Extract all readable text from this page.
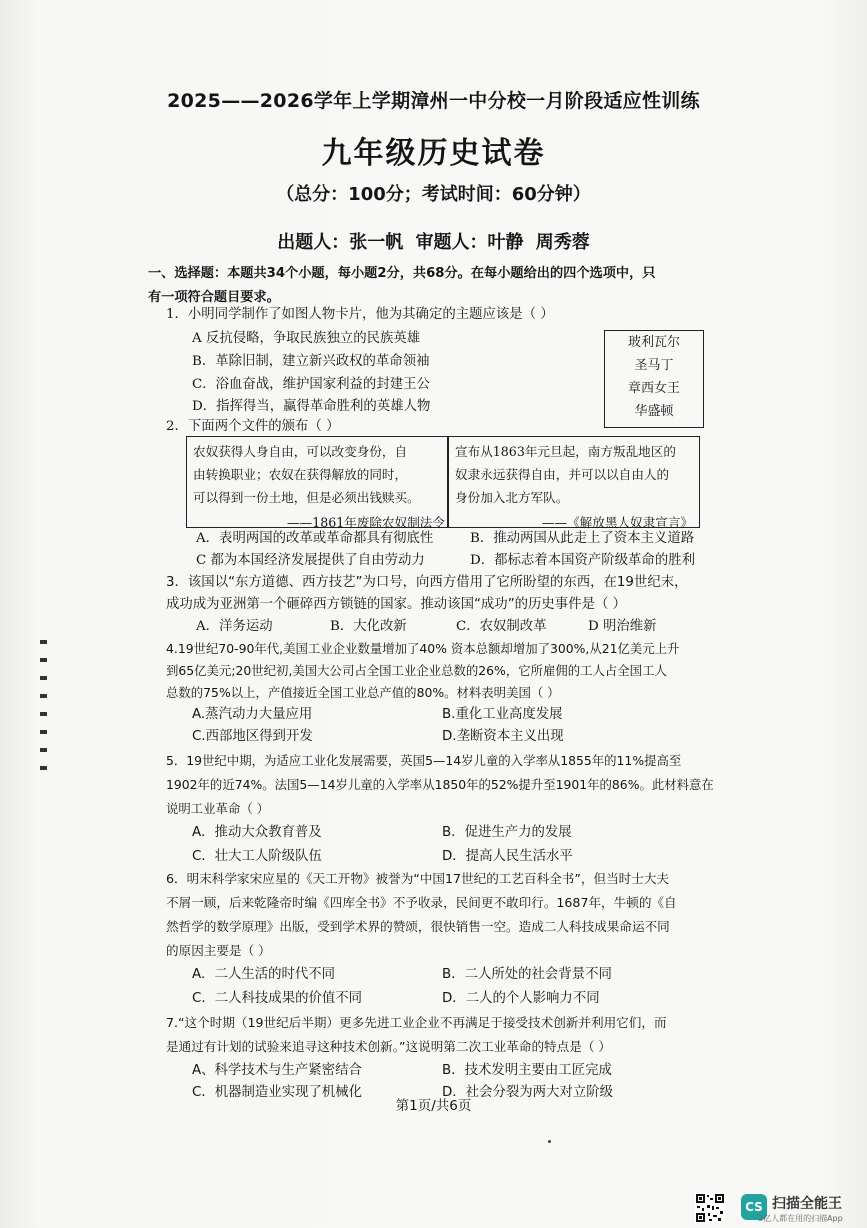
2025——2026学年上学期漳州一中分校一月阶段适应性训练
九年级历史试卷
（总分：100分；考试时间：60分钟）
出题人：张一帆 审题人：叶静 周秀蓉
一、选择题：本题共34个小题，每小题2分，共68分。在每小题给出的四个选项中，只
有一项符合题目要求。
1．小明同学制作了如图人物卡片，他为其确定的主题应该是（ ）
A 反抗侵略，争取民族独立的民族英雄
B．革除旧制，建立新兴政权的革命领袖
C．浴血奋战，维护国家利益的封建王公
D．指挥得当，赢得革命胜利的英雄人物
玻利瓦尔
圣马丁
章西女王
华盛顿
2．下面两个文件的颁布（ ）

农奴获得人身自由，可以改变身份，自

由转换职业；农奴在获得解放的同时，

可以得到一份土地，但是必须出钱赎买。

——1861年废除农奴制法令

宣布从1863年元旦起，南方叛乱地区的

奴隶永远获得自由，并可以以自由人的

身份加入北方军队。

——《解放黑人奴隶宣言》
A．表明两国的改革或革命都具有彻底性	B．推动两国从此走上了资本主义道路
C 都为本国经济发展提供了自由劳动力	D．都标志着本国资产阶级革命的胜利
3．该国以“东方道德、西方技艺”为口号，向西方借用了它所盼望的东西，在19世纪末，
成功成为亚洲第一个砸碎西方锁链的国家。推动该国“成功”的历史事件是（ ）
A．洋务运动	B．大化改新	C．农奴制改革	D 明治维新
4.19世纪70-90年代,美国工业企业数量增加了40% 资本总额却增加了300%,从21亿美元上升
到65亿美元;20世纪初,美国大公司占全国工业企业总数的26%，它所雇佣的工人占全国工人
总数的75%以上，产值接近全国工业总产值的80%。材料表明美国（ ）
A.蒸汽动力大量应用	B.重化工业高度发展
C.西部地区得到开发	D.垄断资本主义出现
5．19世纪中期，为适应工业化发展需要，英国5—14岁儿童的入学率从1855年的11%提高至
1902年的近74%。法国5—14岁儿童的入学率从1850年的52%提升至1901年的86%。此材料意在
说明工业革命（ ）
A．推动大众教育普及	B．促进生产力的发展
C．壮大工人阶级队伍	D．提高人民生活水平
6．明末科学家宋应星的《天工开物》被誉为“中国17世纪的工艺百科全书”，但当时士大夫
不屑一顾，后来乾隆帝时编《四库全书》不予收录，民间更不敢印行。1687年，牛顿的《自
然哲学的数学原理》出版，受到学术界的赞颂，很快销售一空。造成二人科技成果命运不同
的原因主要是（ ）
A．二人生活的时代不同	B．二人所处的社会背景不同
C．二人科技成果的价值不同	D．二人的个人影响力不同
7.“这个时期（19世纪后半期）更多先进工业企业不再满足于接受技术创新并利用它们，而
是通过有计划的试验来追寻这种技术创新。”这说明第二次工业革命的特点是（ ）
A、科学技术与生产紧密结合	B．技术发明主要由工匠完成
C．机器制造业实现了机械化	D．社会分裂为两大对立阶级
第1页/共6页
CS 扫描全能王
3亿人都在用的扫描App
